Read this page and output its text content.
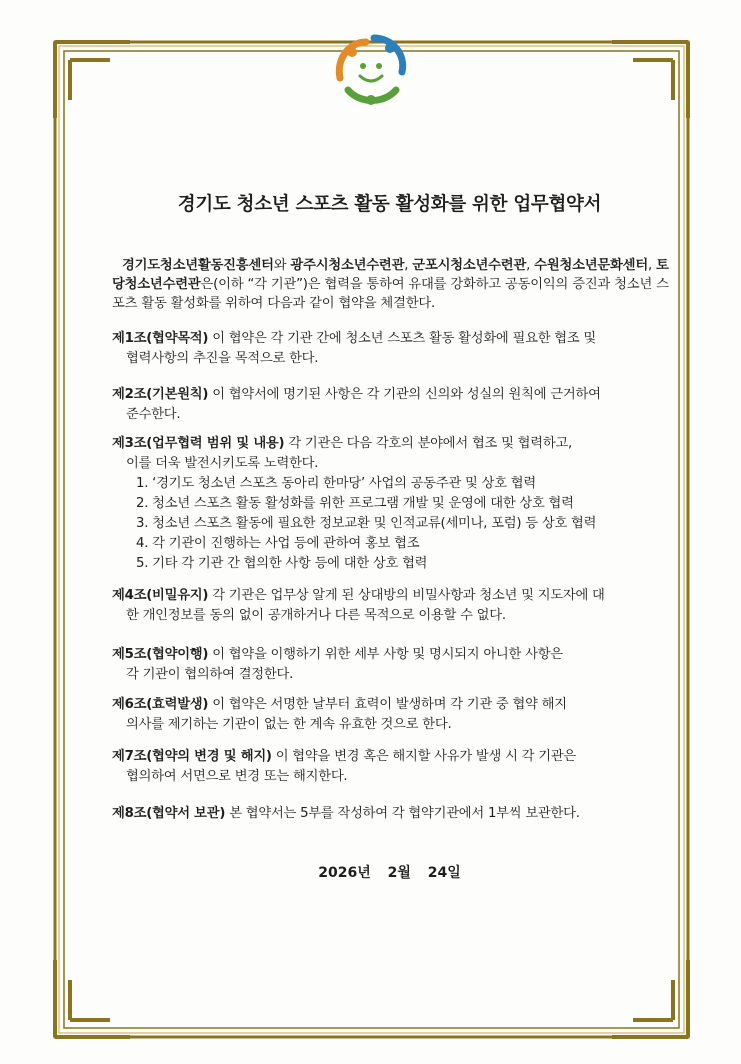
경기도 청소년 스포츠 활동 활성화를 위한 업무협약서

경기도청소년활동진흥센터와 광주시청소년수련관, 군포시청소년수련관, 수원청소년문화센터, 토당청소년수련관은(이하 “각 기관”)은 협력을 통하여 유대를 강화하고 공동이익의 증진과 청소년 스포츠 활동 활성화를 위하여 다음과 같이 협약을 체결한다.

제1조(협약목적) 이 협약은 각 기관 간에 청소년 스포츠 활동 활성화에 필요한 협조 및
협력사항의 추진을 목적으로 한다.

제2조(기본원칙) 이 협약서에 명기된 사항은 각 기관의 신의와 성실의 원칙에 근거하여
준수한다.

제3조(업무협력 범위 및 내용) 각 기관은 다음 각호의 분야에서 협조 및 협력하고,
이를 더욱 발전시키도록 노력한다.
1. ‘경기도 청소년 스포츠 동아리 한마당’ 사업의 공동주관 및 상호 협력
2. 청소년 스포츠 활동 활성화를 위한 프로그램 개발 및 운영에 대한 상호 협력
3. 청소년 스포츠 활동에 필요한 정보교환 및 인적교류(세미나, 포럼) 등 상호 협력
4. 각 기관이 진행하는 사업 등에 관하여 홍보 협조
5. 기타 각 기관 간 협의한 사항 등에 대한 상호 협력

제4조(비밀유지) 각 기관은 업무상 알게 된 상대방의 비밀사항과 청소년 및 지도자에 대
한 개인정보를 동의 없이 공개하거나 다른 목적으로 이용할 수 없다.

제5조(협약이행) 이 협약을 이행하기 위한 세부 사항 및 명시되지 아니한 사항은
각 기관이 협의하여 결정한다.

제6조(효력발생) 이 협약은 서명한 날부터 효력이 발생하며 각 기관 중 협약 해지
의사를 제기하는 기관이 없는 한 계속 유효한 것으로 한다.

제7조(협약의 변경 및 해지) 이 협약을 변경 혹은 해지할 사유가 발생 시 각 기관은
협의하여 서면으로 변경 또는 해지한다.

제8조(협약서 보관) 본 협약서는 5부를 작성하여 각 협약기관에서 1부씩 보관한다.

2026년 2월 24일
